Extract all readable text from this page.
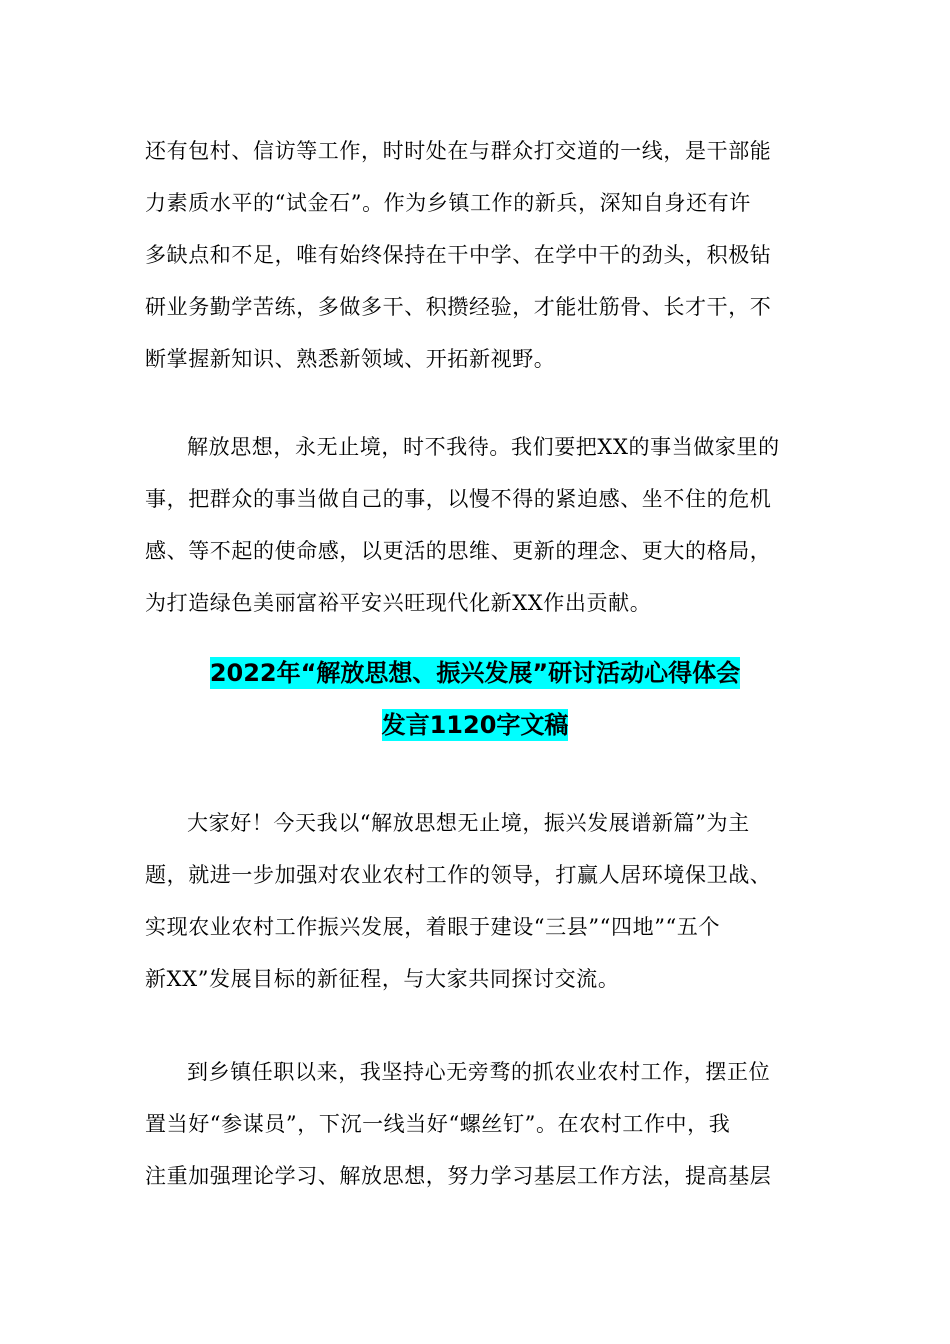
还有包村、信访等工作，时时处在与群众打交道的一线，是干部能
力素质水平的“试金石”。作为乡镇工作的新兵，深知自身还有许
多缺点和不足，唯有始终保持在干中学、在学中干的劲头，积极钻
研业务勤学苦练，多做多干、积攒经验，才能壮筋骨、长才干，不
断掌握新知识、熟悉新领域、开拓新视野。
解放思想，永无止境，时不我待。我们要把XX的事当做家里的
事，把群众的事当做自己的事，以慢不得的紧迫感、坐不住的危机
感、等不起的使命感，以更活的思维、更新的理念、更大的格局，
为打造绿色美丽富裕平安兴旺现代化新XX作出贡献。
2022年“解放思想、振兴发展”研讨活动心得体会
发言1120字文稿
大家好！今天我以“解放思想无止境，振兴发展谱新篇”为主
题，就进一步加强对农业农村工作的领导，打赢人居环境保卫战、
实现农业农村工作振兴发展，着眼于建设“三县”“四地”“五个
新XX”发展目标的新征程，与大家共同探讨交流。
到乡镇任职以来，我坚持心无旁骛的抓农业农村工作，摆正位
置当好“参谋员”，下沉一线当好“螺丝钉”。在农村工作中，我
注重加强理论学习、解放思想，努力学习基层工作方法，提高基层
